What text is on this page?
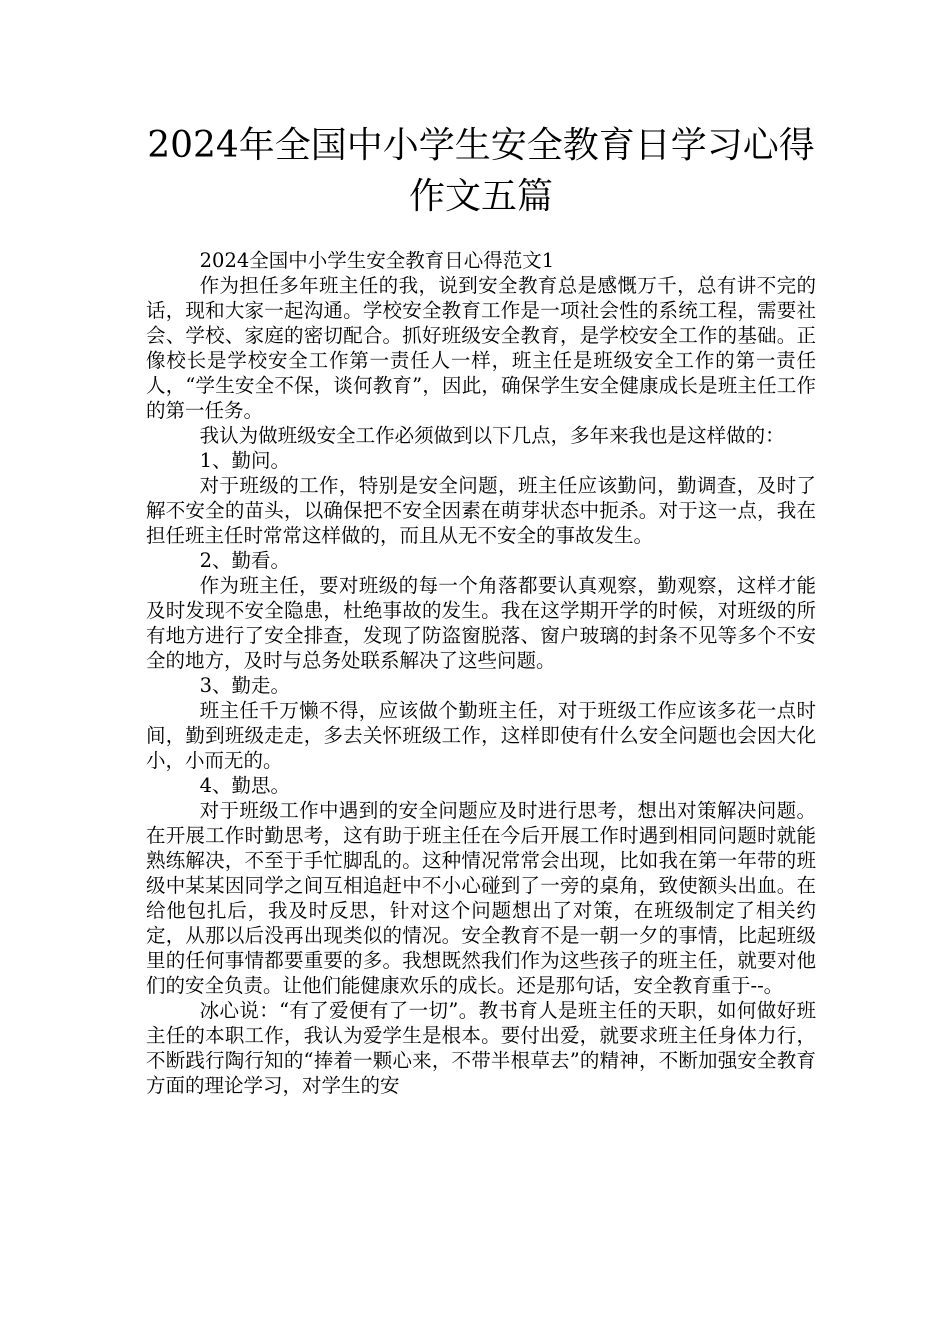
2024年全国中小学生安全教育日学习心得作文五篇

2024全国中小学生安全教育日心得范文1

作为担任多年班主任的我，说到安全教育总是感慨万千，总有讲不完的话，现和大家一起沟通。学校安全教育工作是一项社会性的系统工程，需要社会、学校、家庭的密切配合。抓好班级安全教育，是学校安全工作的基础。正像校长是学校安全工作第一责任人一样，班主任是班级安全工作的第一责任人，“学生安全不保，谈何教育”，因此，确保学生安全健康成长是班主任工作的第一任务。

我认为做班级安全工作必须做到以下几点，多年来我也是这样做的：

1、勤问。

对于班级的工作，特别是安全问题，班主任应该勤问，勤调查，及时了解不安全的苗头，以确保把不安全因素在萌芽状态中扼杀。对于这一点，我在担任班主任时常常这样做的，而且从无不安全的事故发生。

2、勤看。

作为班主任，要对班级的每一个角落都要认真观察，勤观察，这样才能及时发现不安全隐患，杜绝事故的发生。我在这学期开学的时候，对班级的所有地方进行了安全排查，发现了防盗窗脱落、窗户玻璃的封条不见等多个不安全的地方，及时与总务处联系解决了这些问题。

3、勤走。

班主任千万懒不得，应该做个勤班主任，对于班级工作应该多花一点时间，勤到班级走走，多去关怀班级工作，这样即使有什么安全问题也会因大化小，小而无的。

4、勤思。

对于班级工作中遇到的安全问题应及时进行思考，想出对策解决问题。在开展工作时勤思考，这有助于班主任在今后开展工作时遇到相同问题时就能熟练解决，不至于手忙脚乱的。这种情况常常会出现，比如我在第一年带的班级中某某因同学之间互相追赶中不小心碰到了一旁的桌角，致使额头出血。在给他包扎后，我及时反思，针对这个问题想出了对策，在班级制定了相关约定，从那以后没再出现类似的情况。安全教育不是一朝一夕的事情，比起班级里的任何事情都要重要的多。我想既然我们作为这些孩子的班主任，就要对他们的安全负责。让他们能健康欢乐的成长。还是那句话，安全教育重于--。

冰心说：“有了爱便有了一切”。教书育人是班主任的天职，如何做好班主任的本职工作，我认为爱学生是根本。要付出爱，就要求班主任身体力行，不断践行陶行知的“捧着一颗心来，不带半根草去”的精神，不断加强安全教育方面的理论学习，对学生的安
